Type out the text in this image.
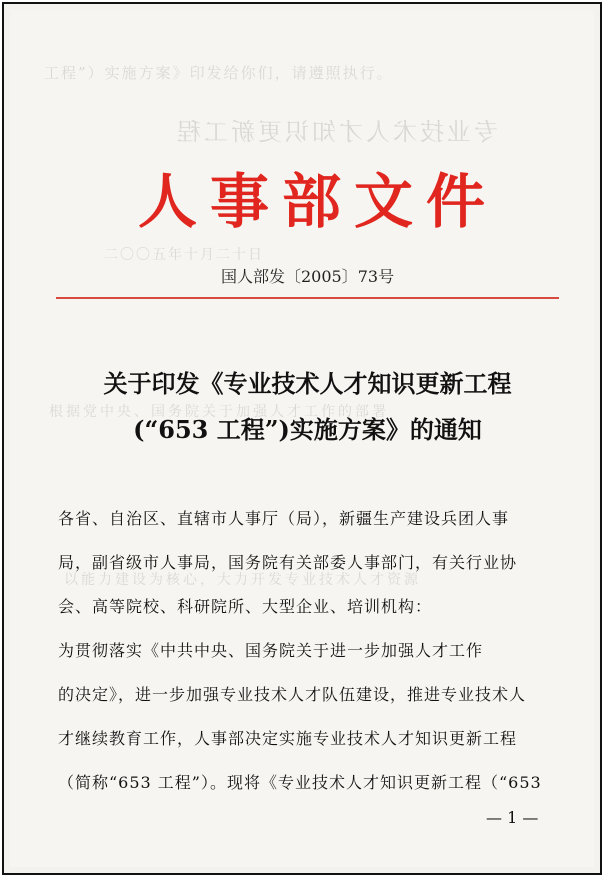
人事部文件
国人部发〔2005〕73号
关于印发《专业技术人才知识更新工程
(“653 工程”)实施方案》的通知
各省、自治区、直辖市人事厅（局），新疆生产建设兵团人事
局，副省级市人事局，国务院有关部委人事部门，有关行业协
会、高等院校、科研院所、大型企业、培训机构：
为贯彻落实《中共中央、国务院关于进一步加强人才工作
的决定》，进一步加强专业技术人才队伍建设，推进专业技术人
才继续教育工作，人事部决定实施专业技术人才知识更新工程
（简称“653 工程”）。现将《专业技术人才知识更新工程（“653
— 1 —
